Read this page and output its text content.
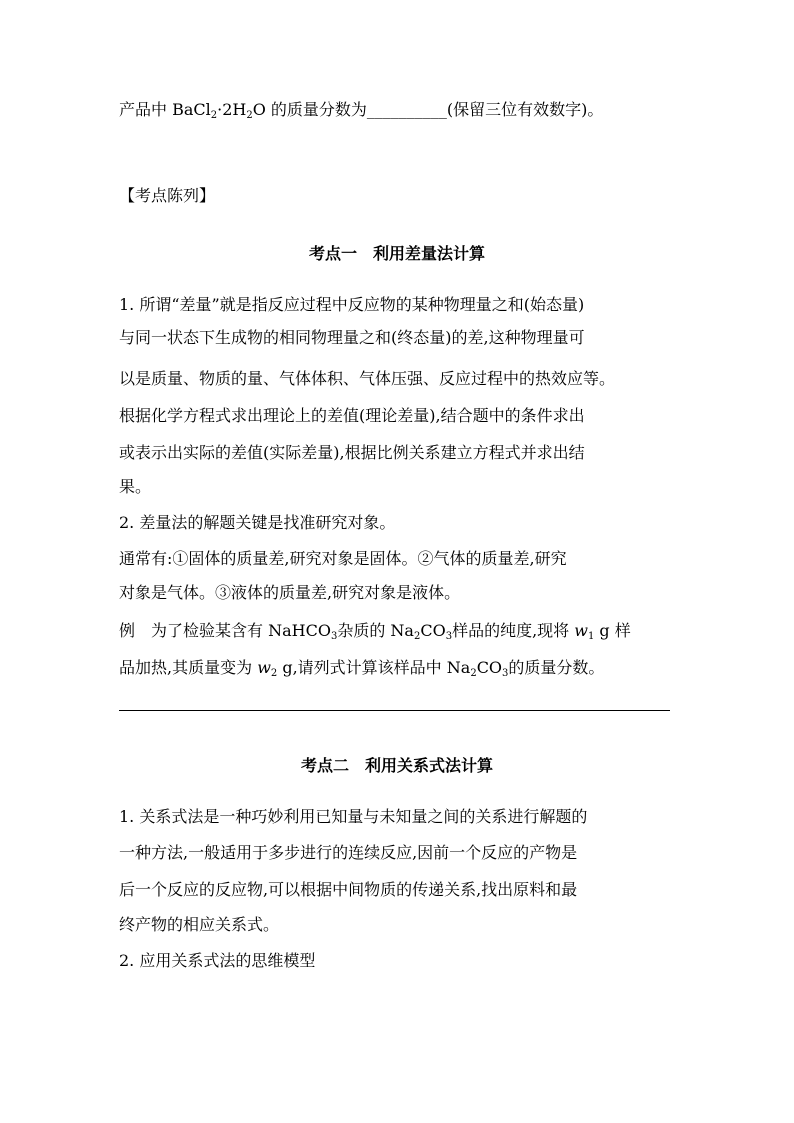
产品中 $BaCl_2\cdot 2H_2O$ 的质量分数为__________(保留三位有效数字)。
【考点陈列】
考点一 利用差量法计算
1. 所谓“差量”就是指反应过程中反应物的某种物理量之和(始态量)
与同一状态下生成物的相同物理量之和(终态量)的差,这种物理量可
以是质量、物质的量、气体体积、气体压强、反应过程中的热效应等。
根据化学方程式求出理论上的差值(理论差量),结合题中的条件求出
或表示出实际的差值(实际差量),根据比例关系建立方程式并求出结
果。
2. 差量法的解题关键是找准研究对象。
通常有:①固体的质量差,研究对象是固体。②气体的质量差,研究
对象是气体。③液体的质量差,研究对象是液体。
例　为了检验某含有 NaHCO$_3$杂质的 $Na_2CO_3$样品的纯度,现将 $w_1$ g 样
品加热,其质量变为 $w_2$ g,请列式计算该样品中 $Na_2CO_3$的质量分数。
考点二 利用关系式法计算
1. 关系式法是一种巧妙利用已知量与未知量之间的关系进行解题的
一种方法,一般适用于多步进行的连续反应,因前一个反应的产物是
后一个反应的反应物,可以根据中间物质的传递关系,找出原料和最
终产物的相应关系式。
2. 应用关系式法的思维模型
